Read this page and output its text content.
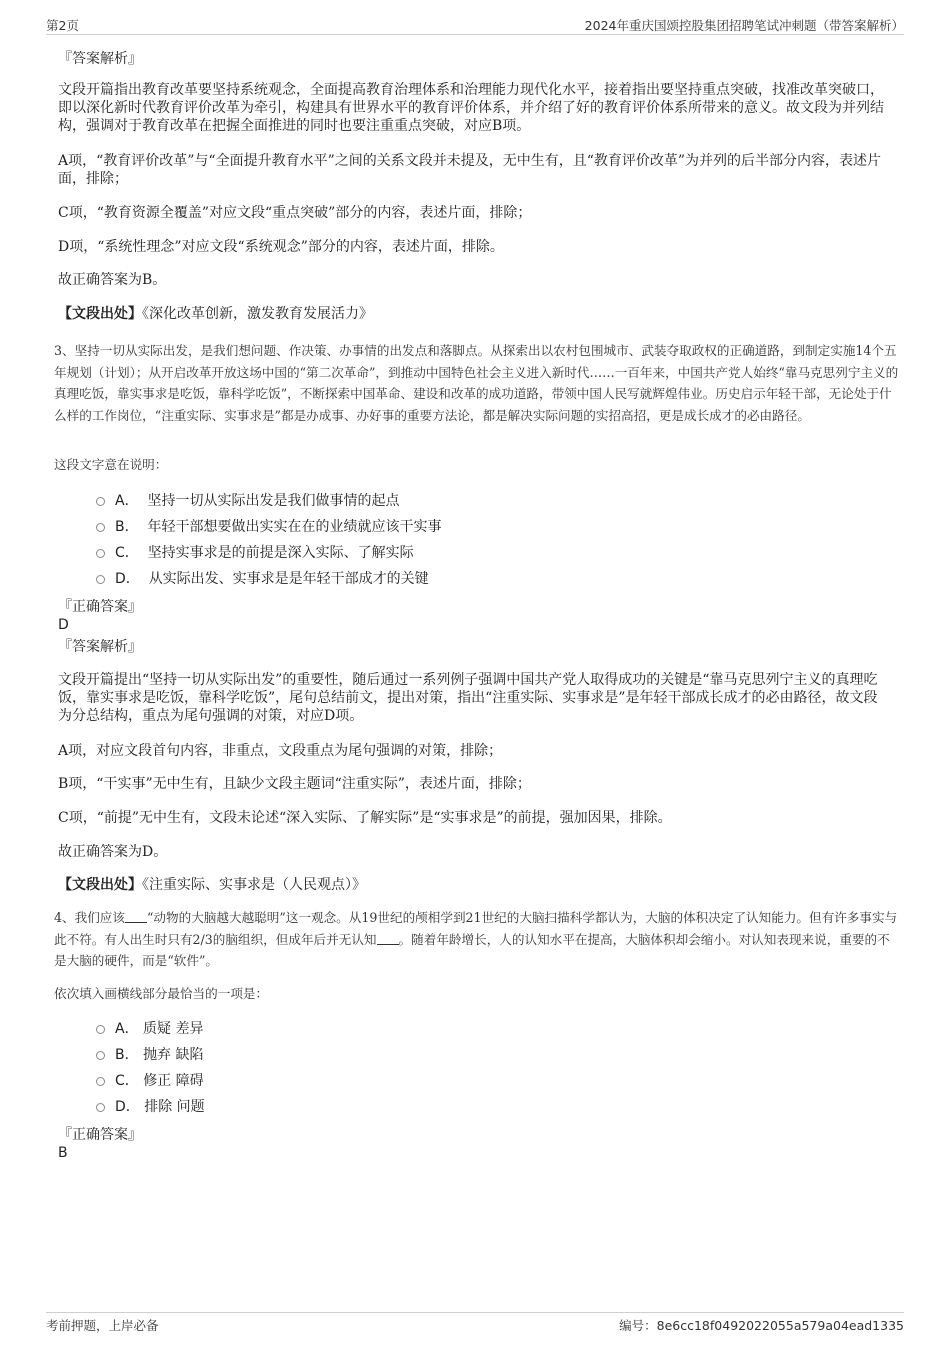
第2页	2024年重庆国颂控股集团招聘笔试冲刺题（带答案解析）
『答案解析』
文段开篇指出教育改革要坚持系统观念，全面提高教育治理体系和治理能力现代化水平，接着指出要坚持重点突破，找准改革突破口，即以深化新时代教育评价改革为牵引，构建具有世界水平的教育评价体系，并介绍了好的教育评价体系所带来的意义。故文段为并列结构，强调对于教育改革在把握全面推进的同时也要注重重点突破，对应B项。
A项，“教育评价改革”与“全面提升教育水平”之间的关系文段并未提及，无中生有，且“教育评价改革”为并列的后半部分内容，表述片面，排除；
C项，“教育资源全覆盖”对应文段“重点突破”部分的内容，表述片面，排除；
D项，“系统性理念”对应文段“系统观念”部分的内容，表述片面，排除。
故正确答案为B。
【文段出处】《深化改革创新，激发教育发展活力》
3、坚持一切从实际出发，是我们想问题、作决策、办事情的出发点和落脚点。从探索出以农村包围城市、武装夺取政权的正确道路，到制定实施14个五年规划（计划）；从开启改革开放这场中国的“第二次革命”，到推动中国特色社会主义进入新时代……一百年来，中国共产党人始终“靠马克思列宁主义的真理吃饭，靠实事求是吃饭，靠科学吃饭”，不断探索中国革命、建设和改革的成功道路，带领中国人民写就辉煌伟业。历史启示年轻干部，无论处于什么样的工作岗位，“注重实际、实事求是”都是办成事、办好事的重要方法论，都是解决实际问题的实招高招，更是成长成才的必由路径。
这段文字意在说明：
A． 坚持一切从实际出发是我们做事情的起点
B． 年轻干部想要做出实实在在的业绩就应该干实事
C． 坚持实事求是的前提是深入实际、了解实际
D． 从实际出发、实事求是是年轻干部成才的关键
『正确答案』
D
『答案解析』
文段开篇提出“坚持一切从实际出发”的重要性，随后通过一系列例子强调中国共产党人取得成功的关键是“靠马克思列宁主义的真理吃饭，靠实事求是吃饭，靠科学吃饭”，尾句总结前文，提出对策，指出“注重实际、实事求是”是年轻干部成长成才的必由路径，故文段为分总结构，重点为尾句强调的对策，对应D项。
A项，对应文段首句内容，非重点，文段重点为尾句强调的对策，排除；
B项，“干实事”无中生有，且缺少文段主题词“注重实际”，表述片面，排除；
C项，“前提”无中生有，文段未论述“深入实际、了解实际”是“实事求是”的前提，强加因果，排除。
故正确答案为D。
【文段出处】《注重实际、实事求是（人民观点）》
4、我们应该 “动物的大脑越大越聪明”这一观念。从19世纪的颅相学到21世纪的大脑扫描科学都认为，大脑的体积决定了认知能力。但有许多事实与此不符。有人出生时只有2/3的脑组织，但成年后并无认知 。随着年龄增长，人的认知水平在提高，大脑体积却会缩小。对认知表现来说，重要的不是大脑的硬件，而是“软件”。
依次填入画横线部分最恰当的一项是：
A． 质疑 差异
B． 抛弃 缺陷
C． 修正 障碍
D． 排除 问题
『正确答案』
B
考前押题，上岸必备	编号：8e6cc18f0492022055a579a04ead1335
